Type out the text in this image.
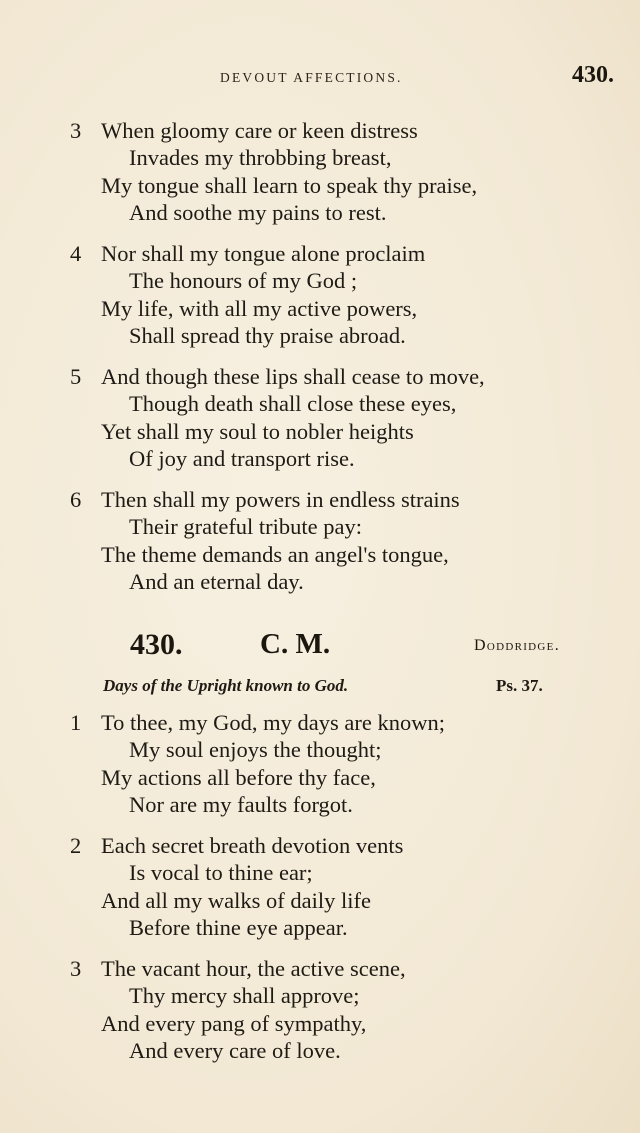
DEVOUT AFFECTIONS.	430.
3 When gloomy care or keen distress
Invades my throbbing breast,
My tongue shall learn to speak thy praise,
And soothe my pains to rest.
4 Nor shall my tongue alone proclaim
The honours of my God ;
My life, with all my active powers,
Shall spread thy praise abroad.
5 And though these lips shall cease to move,
Though death shall close these eyes,
Yet shall my soul to nobler heights
Of joy and transport rise.
6 Then shall my powers in endless strains
Their grateful tribute pay:
The theme demands an angel's tongue,
And an eternal day.
430.	C. M.	Doddridge.
Days of the Upright known to God.	Ps. 37.
1 To thee, my God, my days are known;
My soul enjoys the thought;
My actions all before thy face,
Nor are my faults forgot.
2 Each secret breath devotion vents
Is vocal to thine ear;
And all my walks of daily life
Before thine eye appear.
3 The vacant hour, the active scene,
Thy mercy shall approve;
And every pang of sympathy,
And every care of love.
